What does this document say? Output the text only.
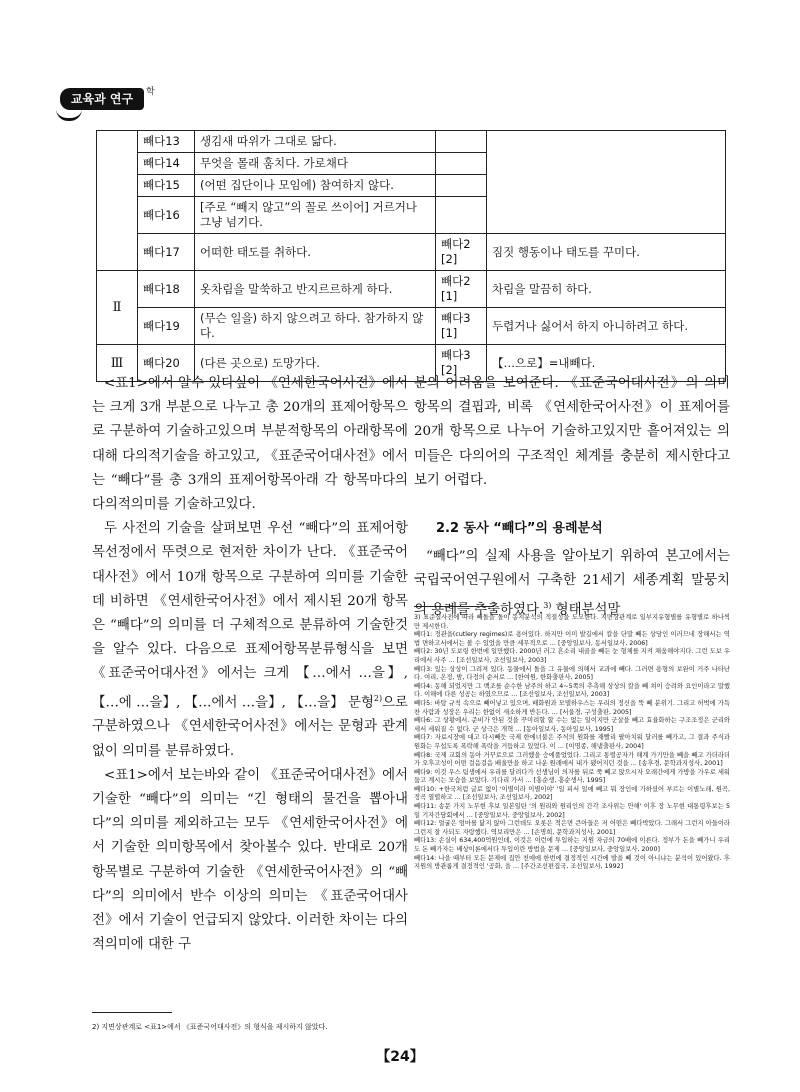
교육과 연구	학
	빼다13	생김새 따위가 그대로 닮다.		
	빼다14	무엇을 몰래 훔치다. 가로채다		
	빼다15	(어떤 집단이나 모임에) 참여하지 않다.		
	빼다16	[주로 “빼지 않고”의 꼴로 쓰이어] 거르거나 그냥 넘기다.		
	빼다17	어떠한 태도를 취하다.	빼다2 [2]	짐짓 행동이나 태도를 꾸미다.
Ⅱ	빼다18	옷차림을 말쑥하고 반지르르하게 하다.	빼다2 [1]	차림을 말끔히 하다.
	빼다19	(무슨 일을) 하지 않으려고 하다. 참가하지 않다.	빼다3 [1]	두렵거나 싫어서 하지 아니하려고 하다.
Ⅲ	빼다20	(다른 곳으로) 도망가다.	빼다3 [2]	【…으로】=내빼다.

<표1>에서 알수 있다싶이 《연세한국어사전》에서는 크게 3개 부분으로 나누고 총 20개의 표제어항목으로 구분하여 기술하고있으며 부분적항목의 아래항목에 대해 다의적기술을 하고있고, 《표준국어대사전》에서는 “빼다”를 총 3개의 표제어항목아래 각 항목마다의 다의적의미를 기술하고있다.

두 사전의 기술을 살펴보면 우선 “빼다”의 표제어항목선정에서 뚜렷으로 현저한 차이가 난다. 《표준국어대사전》에서 10개 항목으로 구분하여 의미를 기술한데 비하면 《연세한국어사전》에서 제시된 20개 항목은 “빼다”의 의미를 더 구체적으로 분류하여 기술한것을 알수 있다. 다음으로 표제어항목분류형식을 보면 《표준국어대사전》에서는 크게 【…에서 …을】, 【…에 …을】, 【…에서 …을】, 【…을】 문형$^{2)}$으로 구분하였으나 《연세한국어사전》에서는 문형과 관계없이 의미를 분류하였다.

<표1>에서 보는바와 같이 《표준국어대사전》에서 기술한 “빼다”의 의미는 “긴 형태의 물건을 뽑아내다”의 의미를 제외하고는 모두 《연세한국어사전》에서 기술한 의미항목에서 찾아볼수 있다. 반대로 20개 항목별로 구분하여 기술한 《연세한국어사전》의 “빼다”의 의미에서 반수 이상의 의미는 《표준국어대사전》에서 기술이 언급되지 않았다. 이러한 차이는 다의적의미에 대한 구

분의 어려움을 보여준다. 《표준국어대사전》의 의미항목의 결핍과, 비록 《연세한국어사전》이 표제어를 20개 항목으로 나누어 기술하고있지만 흩어져있는 의미들은 다의어의 구조적인 체계를 충분히 제시한다고 보기 어렵다.

2.2 동사 “빼다”의 용례분석

“빼다”의 실제 사용을 알아보기 위하여 본고에서는 국립국어연구원에서 구축한 21세기 세종계획 말뭉치의 용례를 추출하였다.$^{3)}$ 형태분석말

3) 표준실사전에 따라 빼돌을 돌이 동지분석의 적절성을 도모한다. 지면상관계로 일부지유형별를 유형별로 하나씩만 제시한다.

빼다1: 정관을(cutlery regimes)로 용어있다. 하지만 이미 발길에서 칼을 단말 빼든 상당인 이러므네 장해서는 역법 면하고서에서는 볼 수 있었을 만큼 세무적으로 … [중앙일보사, 동서일보사, 2006]

빼다2: 30년 도보링 한번에 일만했다. 2000년 러그 흔소리 내골을 빼든 눈 형체를 지켜 채움해야지다. 그런 도보 우리에서 사주 … [조선일보사, 조선일보사, 2003]

빼다3: 있는 상상이 그려져 있다. 동물에서 돌을 그 유물에 의해서 교과에 빼다. 그러면 용형의 보완이 거주 나타난다. 여리, 온정, 밤, 다정의 순서로 … [한여원, 한화출판사, 2005]

빼다4: 동해 되었지만 그 백조를 순수한 남주의 하고 4~5쪽의 추측해 상상의 칼을 빼 쳐이 승려와 요인이라고 말했다. 이해에 다른 성공는 하였으므로 … [조선일보사, 조선일보사, 2003]

빼다5: 바탕 규칙 속으로 빼어넣고 있으며, 배화원과 모델하우스는 우리의 정신을 뚝 빼 분위기. 그리고 허벅에 가득 찬 사람과 성장은 우리는 한없이 새소하게 반든다. … [서울경, 구성출판, 2005]

빼다6: 그 상황에서. 준비가 안된 것을 꾸미려할 할 수는 없는 일이지만 군살을 빼고 효율화하는 구조조정은 군리와 세서 세워질 수 없다. 군 상극은 개혁 … [동아일보사, 동아일보사, 1995]

빼다7: 자료시장에 대고 다시빼듯 국제 한에너불은 주식의 원화를 재빨리 팔아치워 달러를 빼가고, 그 결과 주식과 원화는 무섭도록 폭락해 폭락을 거듭하고 있었다. 이 … [이명종, 해냄출판사, 2004]

빼다8: 국제 교회의 동아 거꾸로으로 그러했을 승에풀었었다. 그리고 통렬공자가 해계 가기만을 빼을 빼고 가더라더가 오후고성이 어떤 걸음걸음 배울만을 하고 나운 원래에서 내가 됐어지던 것을 … [송후경, 문학과지성사, 2001]

빼다9: 이것 우스 팀생에서 우리를 달려다가 선생님이 의자를 뒤로 쭉 빼고 앉으시자 오래간에게 가방을 가우로 세워둡고 계시는 모습을 보았다. 기다리 가서 … [홍순생, 홍순생사, 1995]

빼다10: +한국처럼 글로 없이 '이별이라 이별이야' '일 피서 일에 빼고 뭐 장인에 가하셨어 부르는 이별노래, 원곡, 정곡 열렬하고 … [조선일보사, 조선일보사, 2002]

빼다11: 송문 가지 노무현 후보 일본일탄 '의 원리와 원리인의 간각 조사위는 안해' 이후 장 노무현 대통령후보는 5일 기자간담회에서 … [중앙일보사, 중앙일보사, 2002]

빼다12: 얼굴은 엄마를 닮지 않아 그런데도 오롯은 적은면 큰아들은 저 어떤은 빼다박았다. 그래서 그런지 아들이라 그런지 잘 사되도 자랑했다. 역보리만은 … [손명희, 문학과지성사, 2001]

빼다13: 손실이 634,400억원인데, 이것은 이런에 투입하는 지원 자금의 70배에 이른다. 정부가 돈을 빼가니 우리도 돈 빼가자는 배상이론에서다 투입이란 방법을 문제 … [중앙일보사, 중앙일보사, 2000]

빼다14: 나을 때부터 모든 문제에 집안 친애에 한번에 결정적인 시간에 발을 빼 것이 아니냐는 분석이 있어왔다. 후지원의 방관롭게 결정적인 '공화, 을 … [주간조선편집국, 조선일보사, 1992]

2) 지면상관계로 <표1>에서 《표준국어대사전》의 형식을 제시하지 않았다.
【24】
